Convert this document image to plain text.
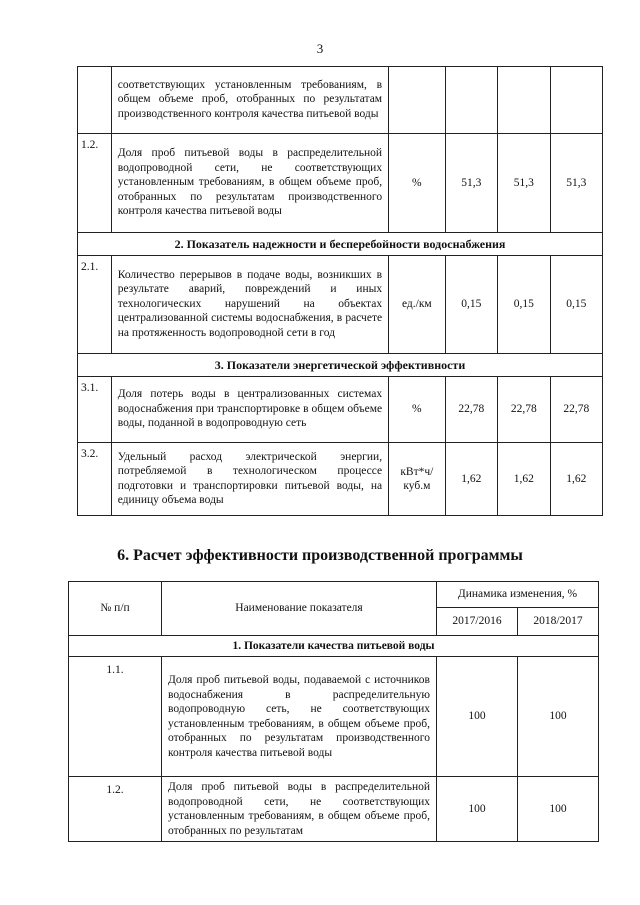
3
	соответствующих установленным требованиям, в общем объеме проб, отобранных по результатам производственного контроля качества питьевой воды				
1.2.	Доля проб питьевой воды в распределительной водопроводной сети, не соответствующих установленным требованиям, в общем объеме проб, отобранных по результатам производственного контроля качества питьевой воды	%	51,3	51,3	51,3
2. Показатель надежности и бесперебойности водоснабжения					
2.1.	Количество перерывов в подаче воды, возникших в результате аварий, повреждений и иных технологических нарушений на объектах централизованной системы водоснабжения, в расчете на протяженность водопроводной сети в год	ед./км	0,15	0,15	0,15
3. Показатели энергетической эффективности					
3.1.	Доля потерь воды в централизованных системах водоснабжения при транспортировке в общем объеме воды, поданной в водопроводную сеть	%	22,78	22,78	22,78
3.2.	Удельный расход электрической энергии, потребляемой в технологическом процессе подготовки и транспортировки питьевой воды, на единицу объема воды	кВт*ч/куб.м	1,62	1,62	1,62
6. Расчет эффективности производственной программы
№ п/п	Наименование показателя	Динамика изменения, %	
		2017/2016	2018/2017
1. Показатели качества питьевой воды			
1.1.	Доля проб питьевой воды, подаваемой с источников водоснабжения в распределительную водопроводную сеть, не соответствующих установленным требованиям, в общем объеме проб, отобранных по результатам производственного контроля качества питьевой воды	100	100
1.2.	Доля проб питьевой воды в распределительной водопроводной сети, не соответствующих установленным требованиям, в общем объеме проб, отобранных по результатам	100	100
